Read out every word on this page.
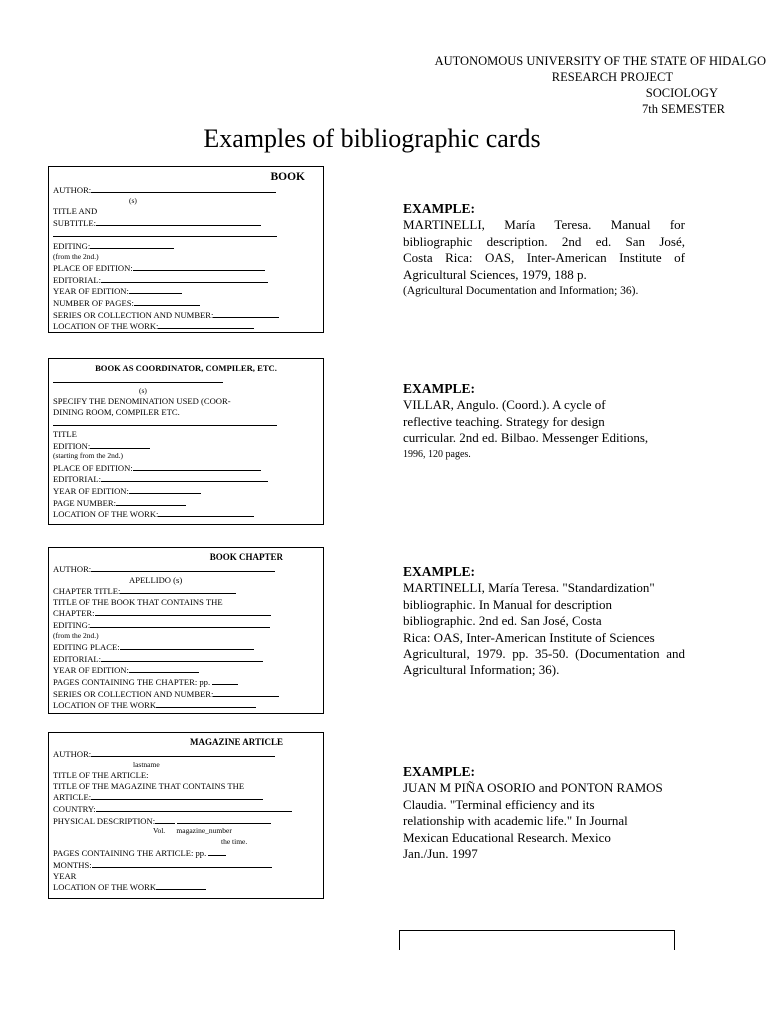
AUTONOMOUS UNIVERSITY OF THE STATE OF HIDALGO
RESEARCH PROJECT
SOCIOLOGY
7th SEMESTER
Examples of bibliographic cards
BOOK
AUTHOR:
(s)
TITLE AND
SUBTITLE:
EDITING:
(from the 2nd.)
PLACE OF EDITION:
EDITORIAL:
YEAR OF EDITION:
NUMBER OF PAGES:
SERIES OR COLLECTION AND NUMBER:
LOCATION OF THE WORK:
BOOK AS COORDINATOR, COMPILER, ETC.
(s)
SPECIFY THE DENOMINATION USED (COOR-
DINING ROOM, COMPILER ETC.
TITLE
EDITION:
(starting from the 2nd.)
PLACE OF EDITION:
EDITORIAL:
YEAR OF EDITION:
PAGE NUMBER:
LOCATION OF THE WORK:
BOOK CHAPTER
AUTHOR:
APELLIDO (s)
CHAPTER TITLE:
TITLE OF THE BOOK THAT CONTAINS THE
CHAPTER:
EDITING:
(from the 2nd.)
EDITING PLACE:
EDITORIAL:
YEAR OF EDITION:
PAGES CONTAINING THE CHAPTER: pp.
SERIES OR COLLECTION AND NUMBER:
LOCATION OF THE WORK
MAGAZINE ARTICLE
AUTHOR:
lastname
TITLE OF THE ARTICLE:
TITLE OF THE MAGAZINE THAT CONTAINS THE
ARTICLE:
COUNTRY:
PHYSICAL DESCRIPTION:
Vol. magazine_number
the time.
PAGES CONTAINING THE ARTICLE: pp.
MONTHS:
YEAR
LOCATION OF THE WORK
EXAMPLE:
MARTINELLI, María Teresa. Manual for
bibliographic description. 2nd ed. San José,
Costa Rica: OAS, Inter-American Institute of
Agricultural Sciences, 1979, 188 p.
(Agricultural Documentation and Information; 36).
EXAMPLE:
VILLAR, Angulo. (Coord.). A cycle of
reflective teaching. Strategy for design
curricular. 2nd ed. Bilbao. Messenger Editions,
1996, 120 pages.
EXAMPLE:
MARTINELLI, María Teresa. "Standardization"
bibliographic. In Manual for description
bibliographic. 2nd ed. San José, Costa
Rica: OAS, Inter-American Institute of Sciences
Agricultural, 1979. pp. 35-50. (Documentation and
Agricultural Information; 36).
EXAMPLE:
JUAN M PIÑA OSORIO and PONTON RAMOS
Claudia. "Terminal efficiency and its
relationship with academic life." In Journal
Mexican Educational Research. Mexico
Jan./Jun. 1997
